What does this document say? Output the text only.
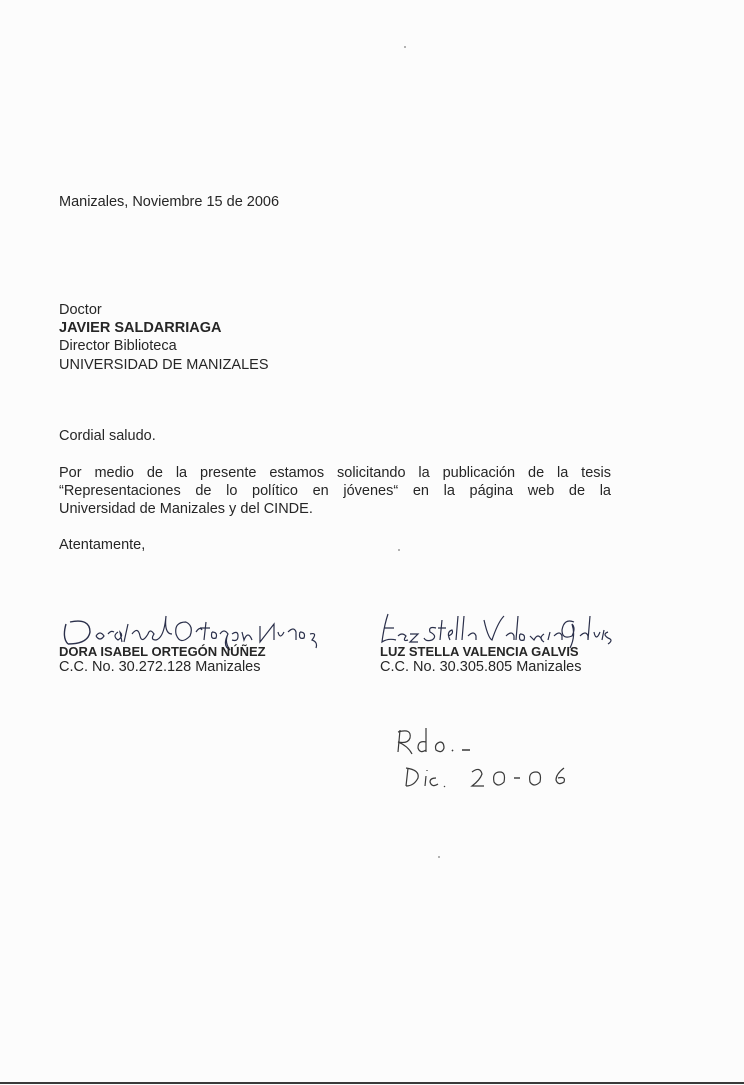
Manizales, Noviembre 15 de 2006
Doctor
JAVIER SALDARRIAGA
Director Biblioteca
UNIVERSIDAD DE MANIZALES
Cordial saludo.
Por medio de la presente estamos solicitando la publicación de la tesis
“Representaciones de lo político en jóvenes“ en la página web de la
Universidad de Manizales y del CINDE.
Atentamente,
DORA ISABEL ORTEGÓN NÚÑEZ
C.C. No. 30.272.128 Manizales
LUZ STELLA VALENCIA GALVIS
C.C. No. 30.305.805 Manizales
